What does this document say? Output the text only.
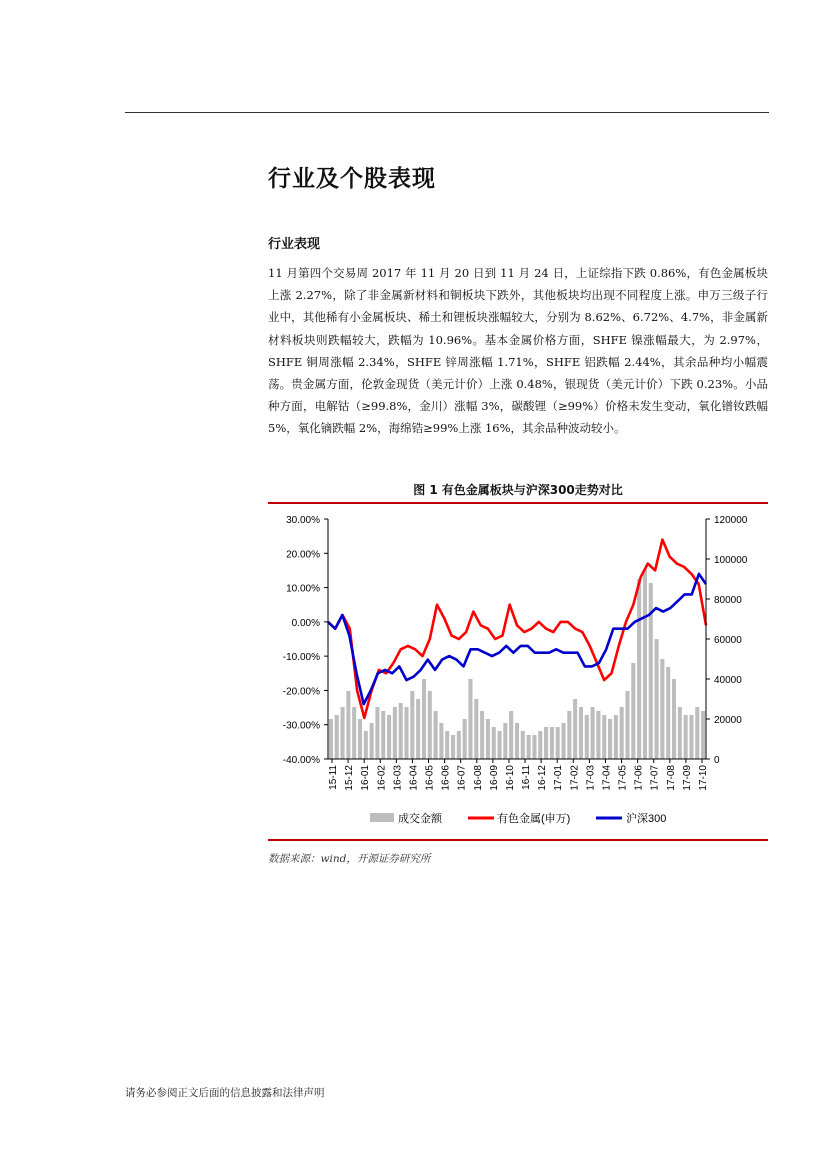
行业及个股表现
行业表现

11 月第四个交易周 2017 年 11 月 20 日到 11 月 24 日，上证综指下跌 0.86%，有色金属板块上涨 2.27%，除了非金属新材料和铜板块下跌外，其他板块均出现不同程度上涨。申万三级子行业中，其他稀有小金属板块、稀土和锂板块涨幅较大，分别为 8.62%、6.72%、4.7%，非金属新材料板块则跌幅较大，跌幅为 10.96%。基本金属价格方面，SHFE 镍涨幅最大，为 2.97%，SHFE 铜周涨幅 2.34%，SHFE 锌周涨幅 1.71%，SHFE 铝跌幅 2.44%，其余品种均小幅震荡。贵金属方面，伦敦金现货（美元计价）上涨 0.48%，银现货（美元计价）下跌 0.23%。小品种方面，电解钴（≥99.8%，金川）涨幅 3%，碳酸锂（≥99%）价格未发生变动，氧化镨钕跌幅 5%，氧化镝跌幅 2%，海绵锆≥99%上涨 16%，其余品种波动较小。

图 1 有色金属板块与沪深300走势对比
30.00%
20.00%
10.00%
0.00%
-10.00%
-20.00%
-30.00%
-40.00%
120000
100000
80000
60000
40000
20000
0
15-11 15-12 16-01 16-02 16-03 16-04 16-05 16-06 16-07 16-08 16-09 16-10 16-11 16-12 17-01 17-02 17-03 17-04 17-05 17-06 17-07 17-08 17-09 17-10
成交金额	有色金属(申万)	沪深300

数据来源：wind，开源证券研究所

请务必参阅正文后面的信息披露和法律声明
